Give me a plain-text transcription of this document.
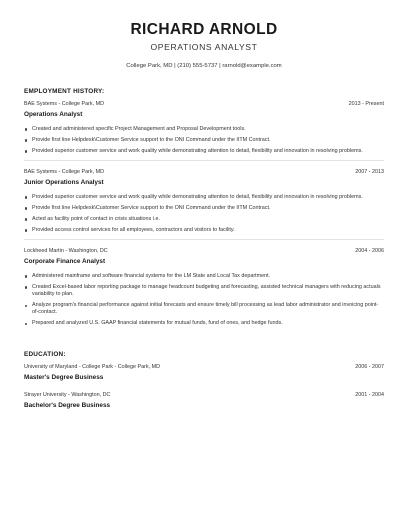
RICHARD ARNOLD
OPERATIONS ANALYST
College Park, MD | (210) 555-5737 | rarnold@example.com
EMPLOYMENT HISTORY:
BAE Systems - College Park, MD	2013 - Present
Operations Analyst
Created and administered specific Project Management and Proposal Development tools.
Provide first line Helpdesk\Customer Service support to the ONI Command under the IITM Contract.
Provided superior customer service and work quality while demonstrating attention to detail, flexibility and innovation in resolving problems.
BAE Systems - College Park, MD	2007 - 2013
Junior Operations Analyst
Provided superior customer service and work quality while demonstrating attention to detail, flexibility and innovation in resolving problems.
Provide first line Helpdesk\Customer Service support to the ONI Command under the IITM Contract.
Acted as facility point of contact in crisis situations i.e.
Provided access control services for all employees, contractors and visitors to facility.
Lockheed Martin - Washington, DC	2004 - 2006
Corporate Finance Analyst
Administered mainframe and software financial systems for the LM State and Local Tax department.
Created Excel-based labor reporting package to manage headcount budgeting and forecasting, assisted technical managers with reducing actuals variability to plan.
Analyze program's financial performance against initial forecasts and ensure timely bill processing as lead labor administrator and invoicing point-of-contact.
Prepared and analyzed U.S. GAAP financial statements for mutual funds, fund of ones, and hedge funds.
EDUCATION:
University of Maryland - College Park - College Park, MD	2006 - 2007
Master's Degree Business
Strayer University - Washington, DC	2001 - 2004
Bachelor's Degree Business
